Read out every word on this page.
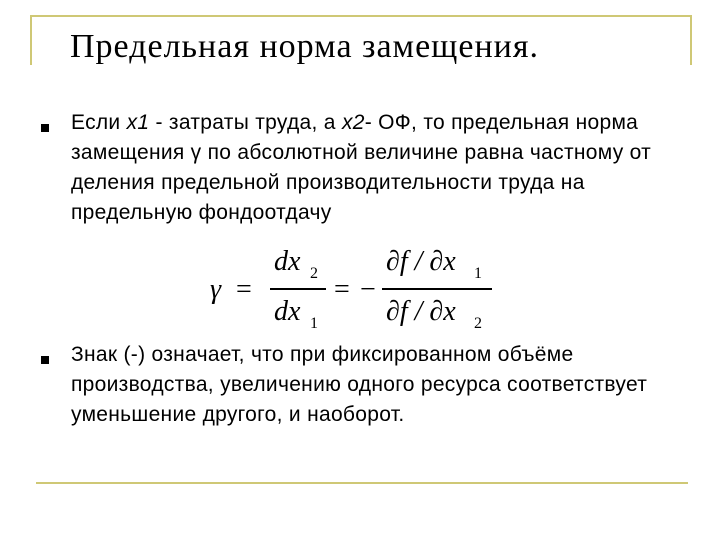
Предельная норма замещения.
Если x1 - затраты труда, а x2- ОФ, то предельная норма замещения γ по абсолютной величине равна частному от деления предельной производительности труда на предельную фондоотдачу
γ =
dx 2
dx 1
= −
∂f / ∂x 1
∂f / ∂x 2
Знак (-) означает, что при фиксированном объёме производства, увеличению одного ресурса соответствует уменьшение другого, и наоборот.
